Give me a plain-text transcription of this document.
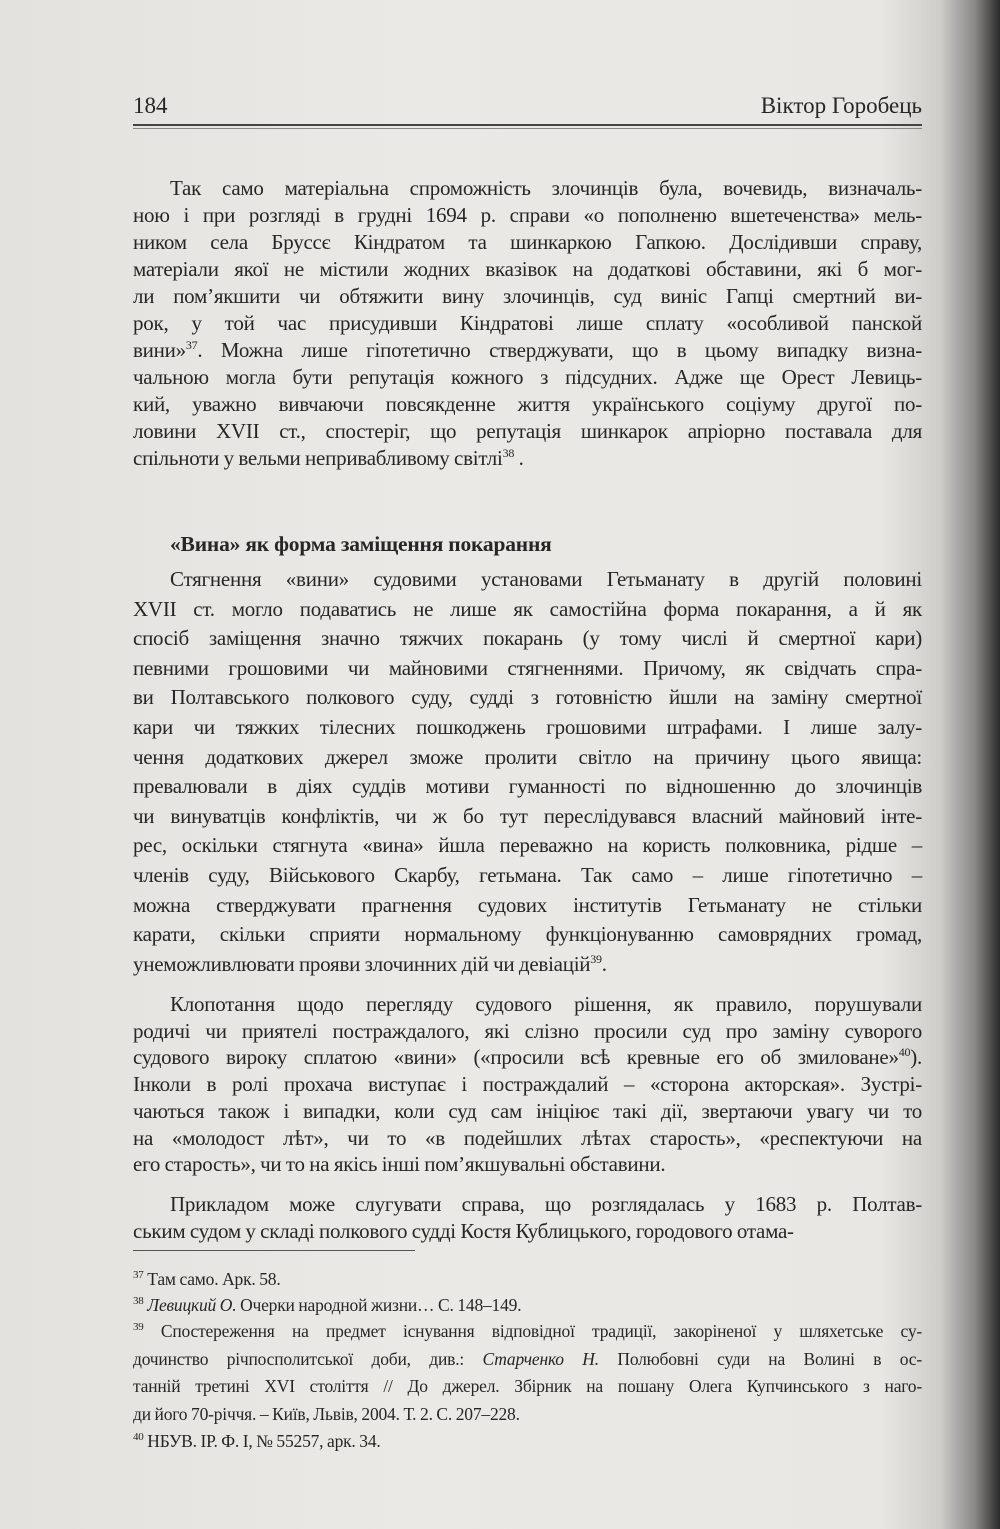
184	Віктор Горобець
Так само матеріальна спроможність злочинців була, вочевидь, визначаль-
ною і при розгляді в грудні 1694 р. справи «о пополненю вшетеченства» мель-
ником села Бруссє Кіндратом та шинкаркою Гапкою. Дослідивши справу,
матеріали якої не містили жодних вказівок на додаткові обставини, які б мог-
ли пом’якшити чи обтяжити вину злочинців, суд виніс Гапці смертний ви-
рок, у той час присудивши Кіндратові лише сплату «особливой панской
вини»$^{37}$. Можна лише гіпотетично стверджувати, що в цьому випадку визна-
чальною могла бути репутація кожного з підсудних. Адже ще Орест Левиць-
кий, уважно вивчаючи повсякденне життя українського соціуму другої по-
ловини XVII ст., спостеріг, що репутація шинкарок апріорно поставала для
спільноти у вельми непривабливому світлі$^{38}$ .
«Вина» як форма заміщення покарання
Стягнення «вини» судовими установами Гетьманату в другій половині
XVII ст. могло подаватись не лише як самостійна форма покарання, а й як
спосіб заміщення значно тяжчих покарань (у тому числі й смертної кари)
певними грошовими чи майновими стягненнями. Причому, як свідчать спра-
ви Полтавського полкового суду, судді з готовністю йшли на заміну смертної
кари чи тяжких тілесних пошкоджень грошовими штрафами. І лише залу-
чення додаткових джерел зможе пролити світло на причину цього явища:
превалювали в діях суддів мотиви гуманності по відношенню до злочинців
чи винуватців конфліктів, чи ж бо тут переслідувався власний майновий інте-
рес, оскільки стягнута «вина» йшла переважно на користь полковника, рідше –
членів суду, Військового Скарбу, гетьмана. Так само – лише гіпотетично –
можна стверджувати прагнення судових інститутів Гетьманату не стільки
карати, скільки сприяти нормальному функціонуванню самоврядних громад,
унеможливлювати прояви злочинних дій чи девіацій$^{39}$.
Клопотання щодо перегляду судового рішення, як правило, порушували
родичі чи приятелі постраждалого, які слізно просили суд про заміну суворого
судового вироку сплатою «вини» («просили всѣ кревные его об змиловане»$^{40}$).
Інколи в ролі прохача виступає і постраждалий – «сторона акторская». Зустрі-
чаються також і випадки, коли суд сам ініціює такі дії, звертаючи увагу чи то
на «молодост лѣт», чи то «в подейшлих лѣтах старость», «респектуючи на
его старость», чи то на якісь інші пом’якшувальні обставини.
Прикладом може слугувати справа, що розглядалась у 1683 р. Полтав-
ським судом у складі полкового судді Костя Кублицького, городового отама-
$^{37}$ Там само. Арк. 58.
$^{38}$ Левицкий О. Очерки народной жизни… С. 148–149.
$^{39}$ Спостереження на предмет існування відповідної традиції, закоріненої у шляхетське су-
дочинство річпосполитської доби, див.: Старченко Н. Полюбовні суди на Волині в ос-
танній третині XVI століття // До джерел. Збірник на пошану Олега Купчинського з наго-
ди його 70-річчя. – Київ, Львів, 2004. Т. 2. С. 207–228.
$^{40}$ НБУВ. ІР. Ф. І, № 55257, арк. 34.
